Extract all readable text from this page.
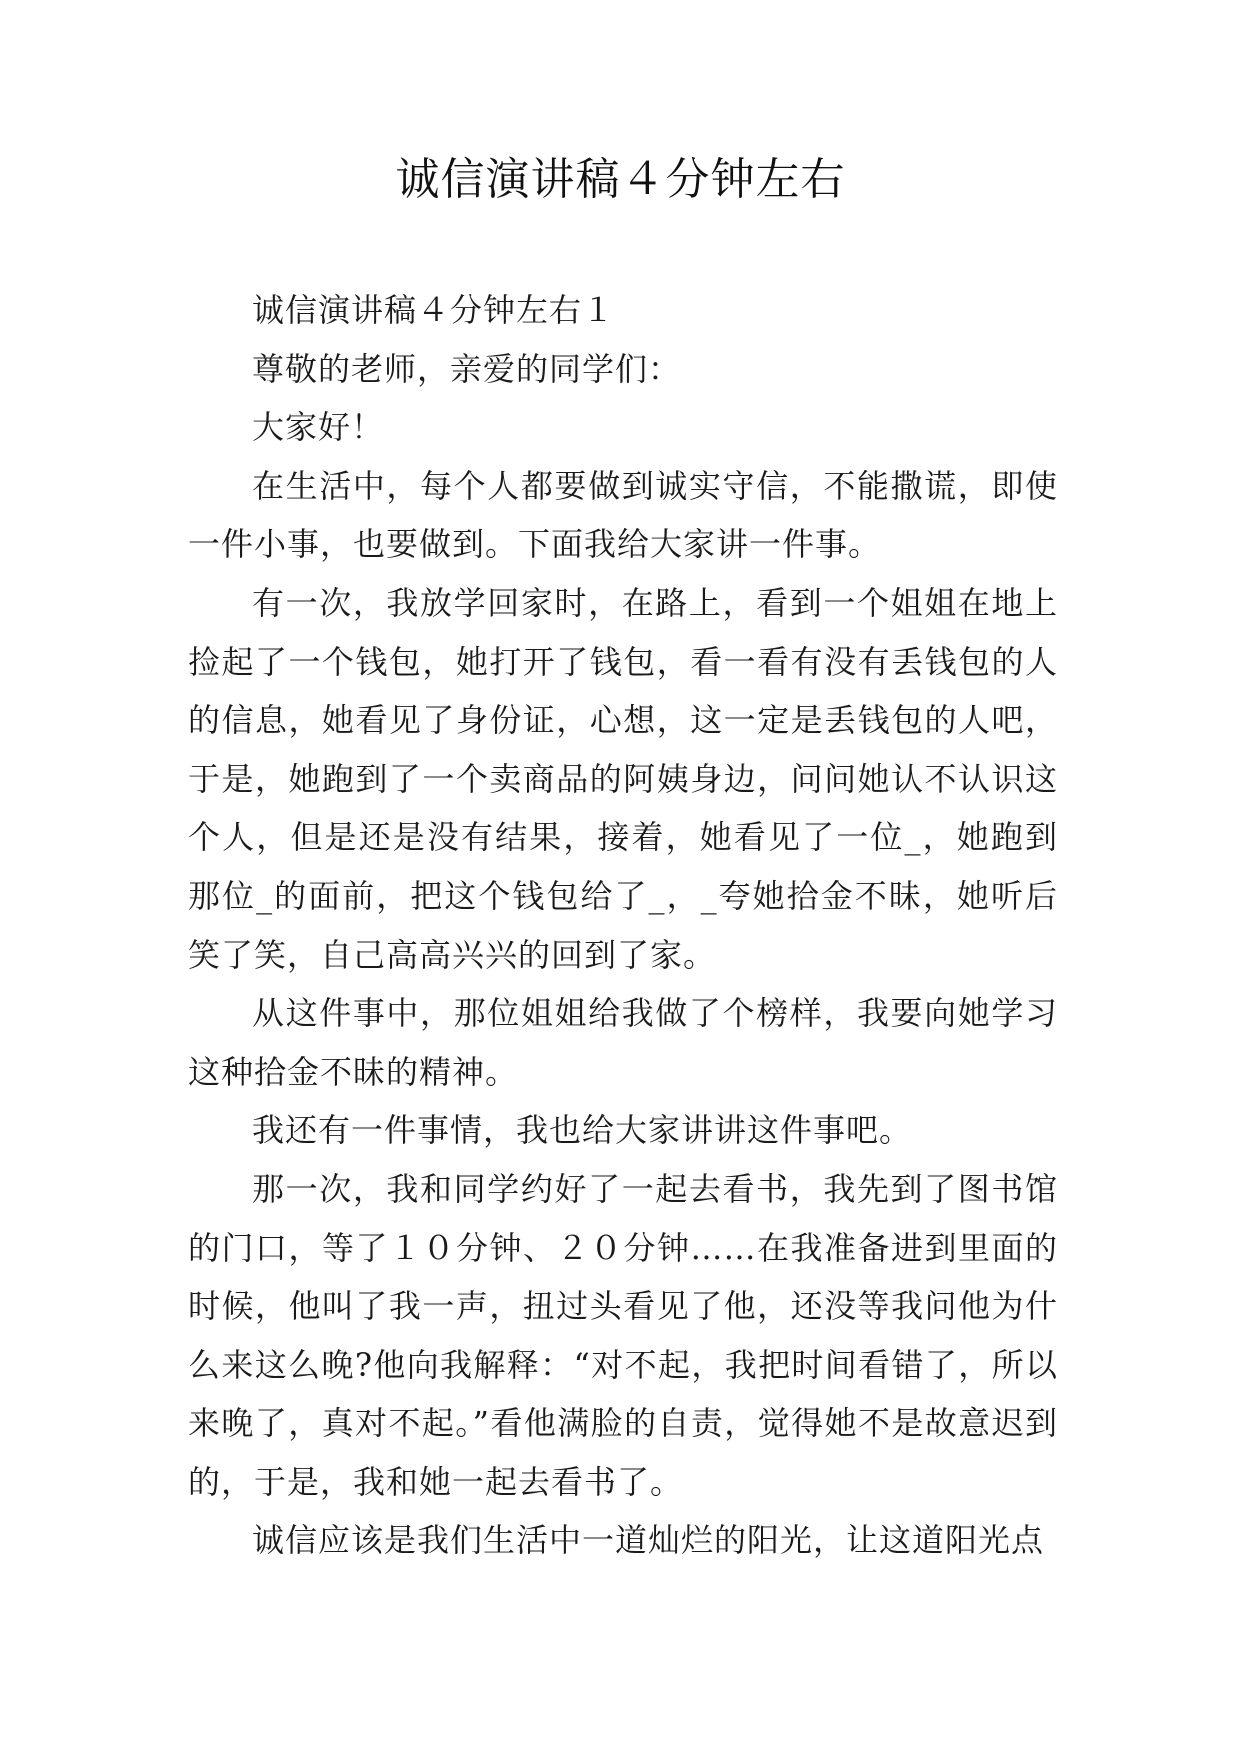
诚信演讲稿４分钟左右

诚信演讲稿４分钟左右１

尊敬的老师，亲爱的同学们：

大家好！

在生活中，每个人都要做到诚实守信，不能撒谎，即使一件小事，也要做到。下面我给大家讲一件事。

有一次，我放学回家时，在路上，看到一个姐姐在地上捡起了一个钱包，她打开了钱包，看一看有没有丢钱包的人的信息，她看见了身份证，心想，这一定是丢钱包的人吧，于是，她跑到了一个卖商品的阿姨身边，问问她认不认识这个人，但是还是没有结果，接着，她看见了一位_，她跑到那位_的面前，把这个钱包给了_，_夸她拾金不昧，她听后笑了笑，自己高高兴兴的回到了家。

从这件事中，那位姐姐给我做了个榜样，我要向她学习这种拾金不昧的精神。

我还有一件事情，我也给大家讲讲这件事吧。

那一次，我和同学约好了一起去看书，我先到了图书馆的门口，等了１０分钟、２０分钟……在我准备进到里面的时候，他叫了我一声，扭过头看见了他，还没等我问他为什么来这么晚?他向我解释：“对不起，我把时间看错了，所以来晚了，真对不起。”看他满脸的自责，觉得她不是故意迟到的，于是，我和她一起去看书了。

诚信应该是我们生活中一道灿烂的阳光，让这道阳光点
